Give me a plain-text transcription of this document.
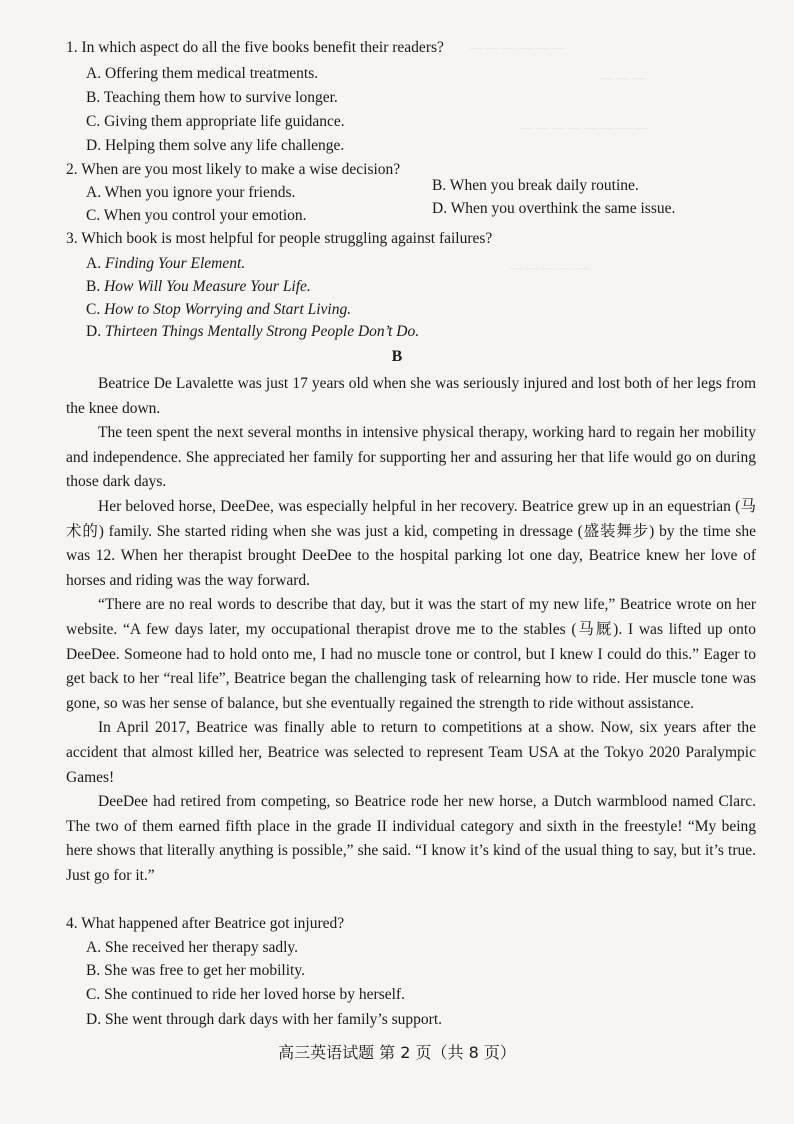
— — — — — —
— — —
— — — — — — — —
— — — — —
1. In which aspect do all the five books benefit their readers?
A. Offering them medical treatments.
B. Teaching them how to survive longer.
C. Giving them appropriate life guidance.
D. Helping them solve any life challenge.
2. When are you most likely to make a wise decision?
A. When you ignore your friends.	B. When you break daily routine.
C. When you control your emotion.	D. When you overthink the same issue.
3. Which book is most helpful for people struggling against failures?
A. Finding Your Element.
B. How Will You Measure Your Life.
C. How to Stop Worrying and Start Living.
D. Thirteen Things Mentally Strong People Don’t Do.
B

Beatrice De Lavalette was just 17 years old when she was seriously injured and lost both of her legs from the knee down.

The teen spent the next several months in intensive physical therapy, working hard to regain her mobility and independence. She appreciated her family for supporting her and assuring her that life would go on during those dark days.

Her beloved horse, DeeDee, was especially helpful in her recovery. Beatrice grew up in an equestrian (马术的) family. She started riding when she was just a kid, competing in dressage (盛装舞步) by the time she was 12. When her therapist brought DeeDee to the hospital parking lot one day, Beatrice knew her love of horses and riding was the way forward.

“There are no real words to describe that day, but it was the start of my new life,” Beatrice wrote on her website. “A few days later, my occupational therapist drove me to the stables (马厩). I was lifted up onto DeeDee. Someone had to hold onto me, I had no muscle tone or control, but I knew I could do this.” Eager to get back to her “real life”, Beatrice began the challenging task of relearning how to ride. Her muscle tone was gone, so was her sense of balance, but she eventually regained the strength to ride without assistance.

In April 2017, Beatrice was finally able to return to competitions at a show. Now, six years after the accident that almost killed her, Beatrice was selected to represent Team USA at the Tokyo 2020 Paralympic Games!

DeeDee had retired from competing, so Beatrice rode her new horse, a Dutch warmblood named Clarc. The two of them earned fifth place in the grade II individual category and sixth in the freestyle! “My being here shows that literally anything is possible,” she said. “I know it’s kind of the usual thing to say, but it’s true. Just go for it.”

4. What happened after Beatrice got injured?
A. She received her therapy sadly.
B. She was free to get her mobility.
C. She continued to ride her loved horse by herself.
D. She went through dark days with her family’s support.
高三英语试题 第 2 页（共 8 页）
